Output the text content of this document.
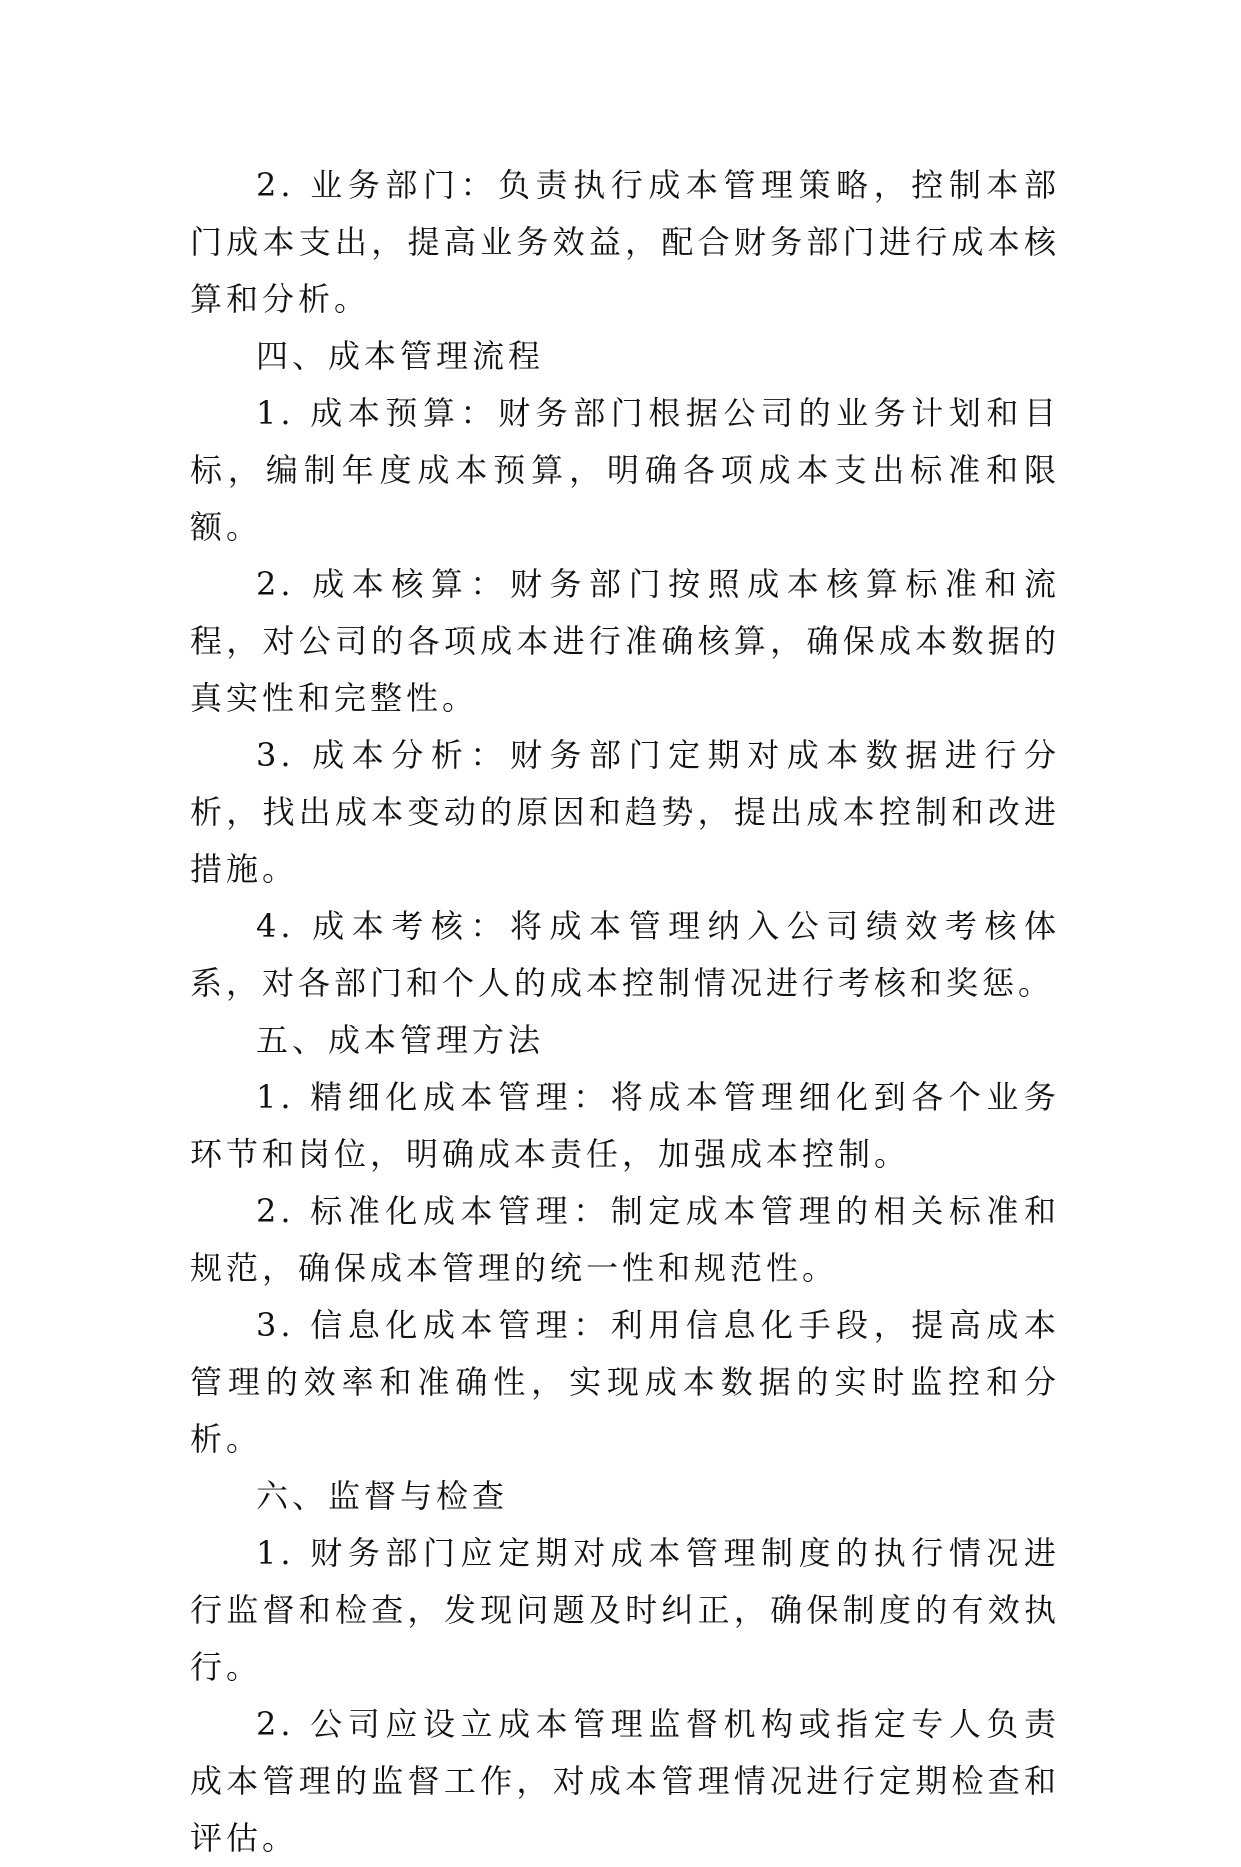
2. 业务部门：负责执行成本管理策略，控制本部门成本支出，提高业务效益，配合财务部门进行成本核算和分析。

四、成本管理流程

1. 成本预算：财务部门根据公司的业务计划和目标，编制年度成本预算，明确各项成本支出标准和限额。

2. 成本核算：财务部门按照成本核算标准和流程，对公司的各项成本进行准确核算，确保成本数据的真实性和完整性。

3. 成本分析：财务部门定期对成本数据进行分析，找出成本变动的原因和趋势，提出成本控制和改进措施。

4. 成本考核：将成本管理纳入公司绩效考核体系，对各部门和个人的成本控制情况进行考核和奖惩。

五、成本管理方法

1. 精细化成本管理：将成本管理细化到各个业务环节和岗位，明确成本责任，加强成本控制。

2. 标准化成本管理：制定成本管理的相关标准和规范，确保成本管理的统一性和规范性。

3. 信息化成本管理：利用信息化手段，提高成本管理的效率和准确性，实现成本数据的实时监控和分析。

六、监督与检查

1. 财务部门应定期对成本管理制度的执行情况进行监督和检查，发现问题及时纠正，确保制度的有效执行。

2. 公司应设立成本管理监督机构或指定专人负责成本管理的监督工作，对成本管理情况进行定期检查和评估。
